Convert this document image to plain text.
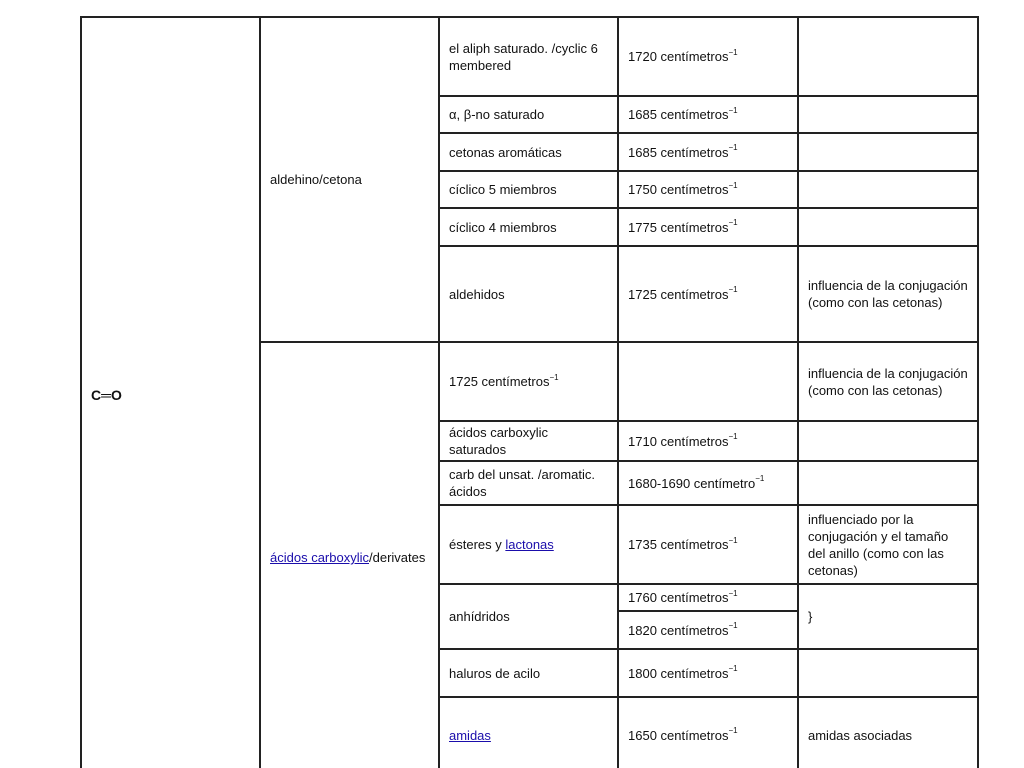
C═O	aldehino/cetona	el aliph saturado. /cyclic 6 membered	1720 centímetros$^{-1}$	
		α, β-no saturado	1685 centímetros$^{-1}$	
		cetonas aromáticas	1685 centímetros$^{-1}$	
		cíclico 5 miembros	1750 centímetros$^{-1}$	
		cíclico 4 miembros	1775 centímetros$^{-1}$	
		aldehidos	1725 centímetros$^{-1}$	influencia de la conjugación (como con las cetonas)
	ácidos carboxylic/derivates	1725 centímetros$^{-1}$		influencia de la conjugación (como con las cetonas)
		ácidos carboxylic saturados	1710 centímetros$^{-1}$	
		carb del unsat. /aromatic. ácidos	1680-1690 centímetro$^{-1}$	
		ésteres y lactonas	1735 centímetros$^{-1}$	influenciado por la conjugación y el tamaño del anillo (como con las cetonas)
		anhídridos	1760 centímetros$^{-1}$	}
			1820 centímetros$^{-1}$
		haluros de acilo	1800 centímetros$^{-1}$	
		amidas	1650 centímetros$^{-1}$	amidas asociadas
